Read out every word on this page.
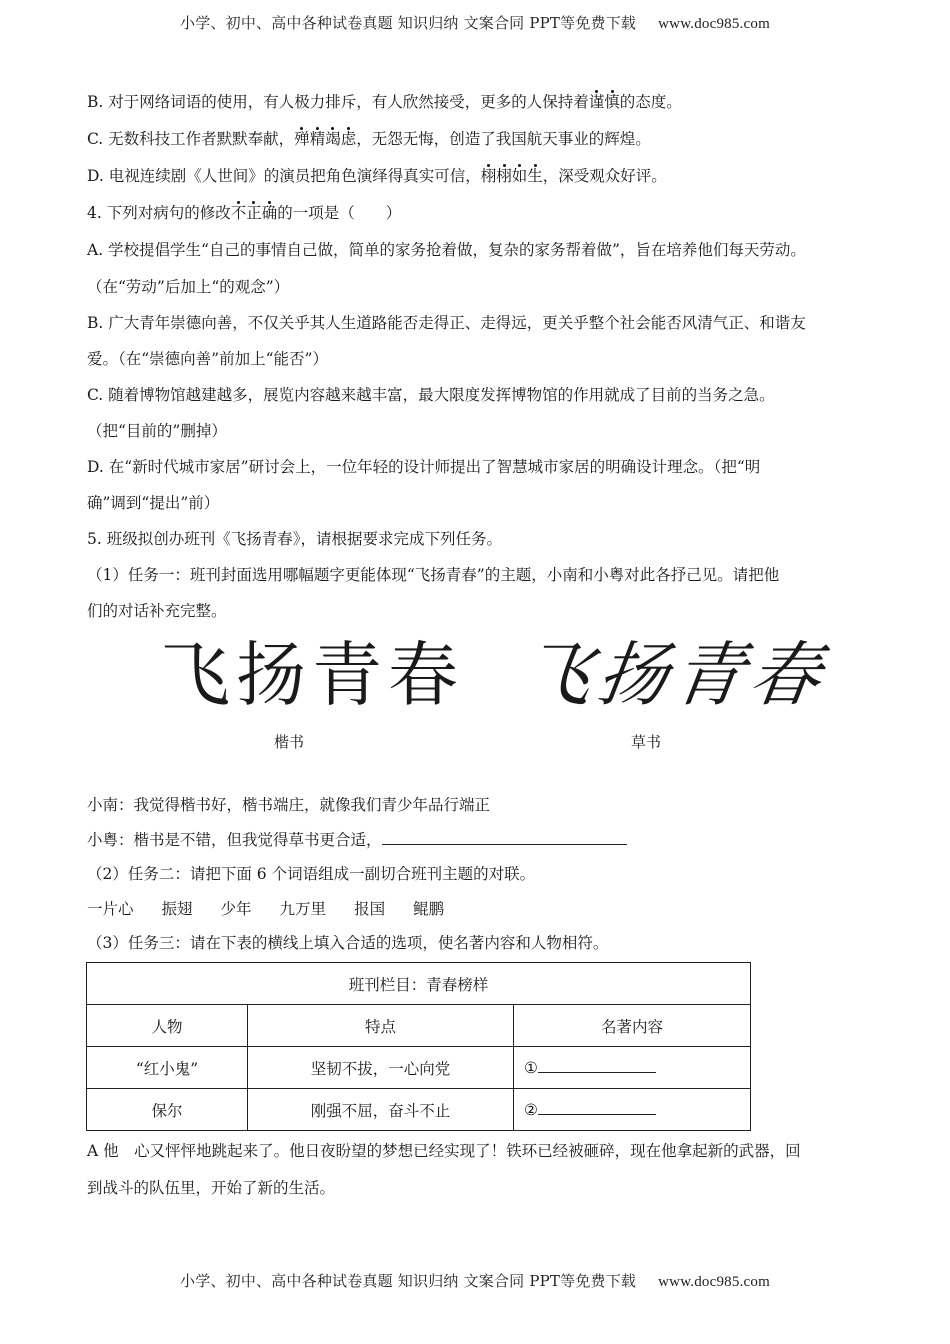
小学、初中、高中各种试卷真题 知识归纳 文案合同 PPT等免费下载 www.doc985.com
B. 对于网络词语的使用，有人极力排斥，有人欣然接受，更多的人保持着谨慎的态度。
C. 无数科技工作者默默奉献，殚精竭虑，无怨无悔，创造了我国航天事业的辉煌。
D. 电视连续剧《人世间》的演员把角色演绎得真实可信，栩栩如生，深受观众好评。
4. 下列对病句的修改不正确的一项是（　　）
A. 学校提倡学生“自己的事情自己做，简单的家务抢着做，复杂的家务帮着做”，旨在培养他们每天劳动。
（在“劳动”后加上“的观念”）
B. 广大青年崇德向善，不仅关乎其人生道路能否走得正、走得远，更关乎整个社会能否风清气正、和谐友
爱。（在“崇德向善”前加上“能否”）
C. 随着博物馆越建越多，展览内容越来越丰富，最大限度发挥博物馆的作用就成了目前的当务之急。
（把“目前的”删掉）
D. 在“新时代城市家居”研讨会上，一位年轻的设计师提出了智慧城市家居的明确设计理念。（把“明
确”调到“提出”前）
5. 班级拟创办班刊《飞扬青春》，请根据要求完成下列任务。
（1）任务一：班刊封面选用哪幅题字更能体现“飞扬青春”的主题，小南和小粤对此各抒己见。请把他
们的对话补充完整。
飞扬青春 飞扬青春
楷书	草书
小南：我觉得楷书好，楷书端庄，就像我们青少年品行端正
小粤：楷书是不错，但我觉得草书更合适，
（2）任务二：请把下面 6 个词语组成一副切合班刊主题的对联。
一片心 振翅 少年 九万里 报国 鲲鹏
（3）任务三：请在下表的横线上填入合适的选项，使名著内容和人物相符。
班刊栏目：青春榜样		
人物	特点	名著内容
“红小鬼”	坚韧不拔，一心向党	①
保尔	刚强不屈，奋斗不止	②
A 他　心又怦怦地跳起来了。他日夜盼望的梦想已经实现了！铁环已经被砸碎，现在他拿起新的武器，回
到战斗的队伍里，开始了新的生活。
小学、初中、高中各种试卷真题 知识归纳 文案合同 PPT等免费下载 www.doc985.com
